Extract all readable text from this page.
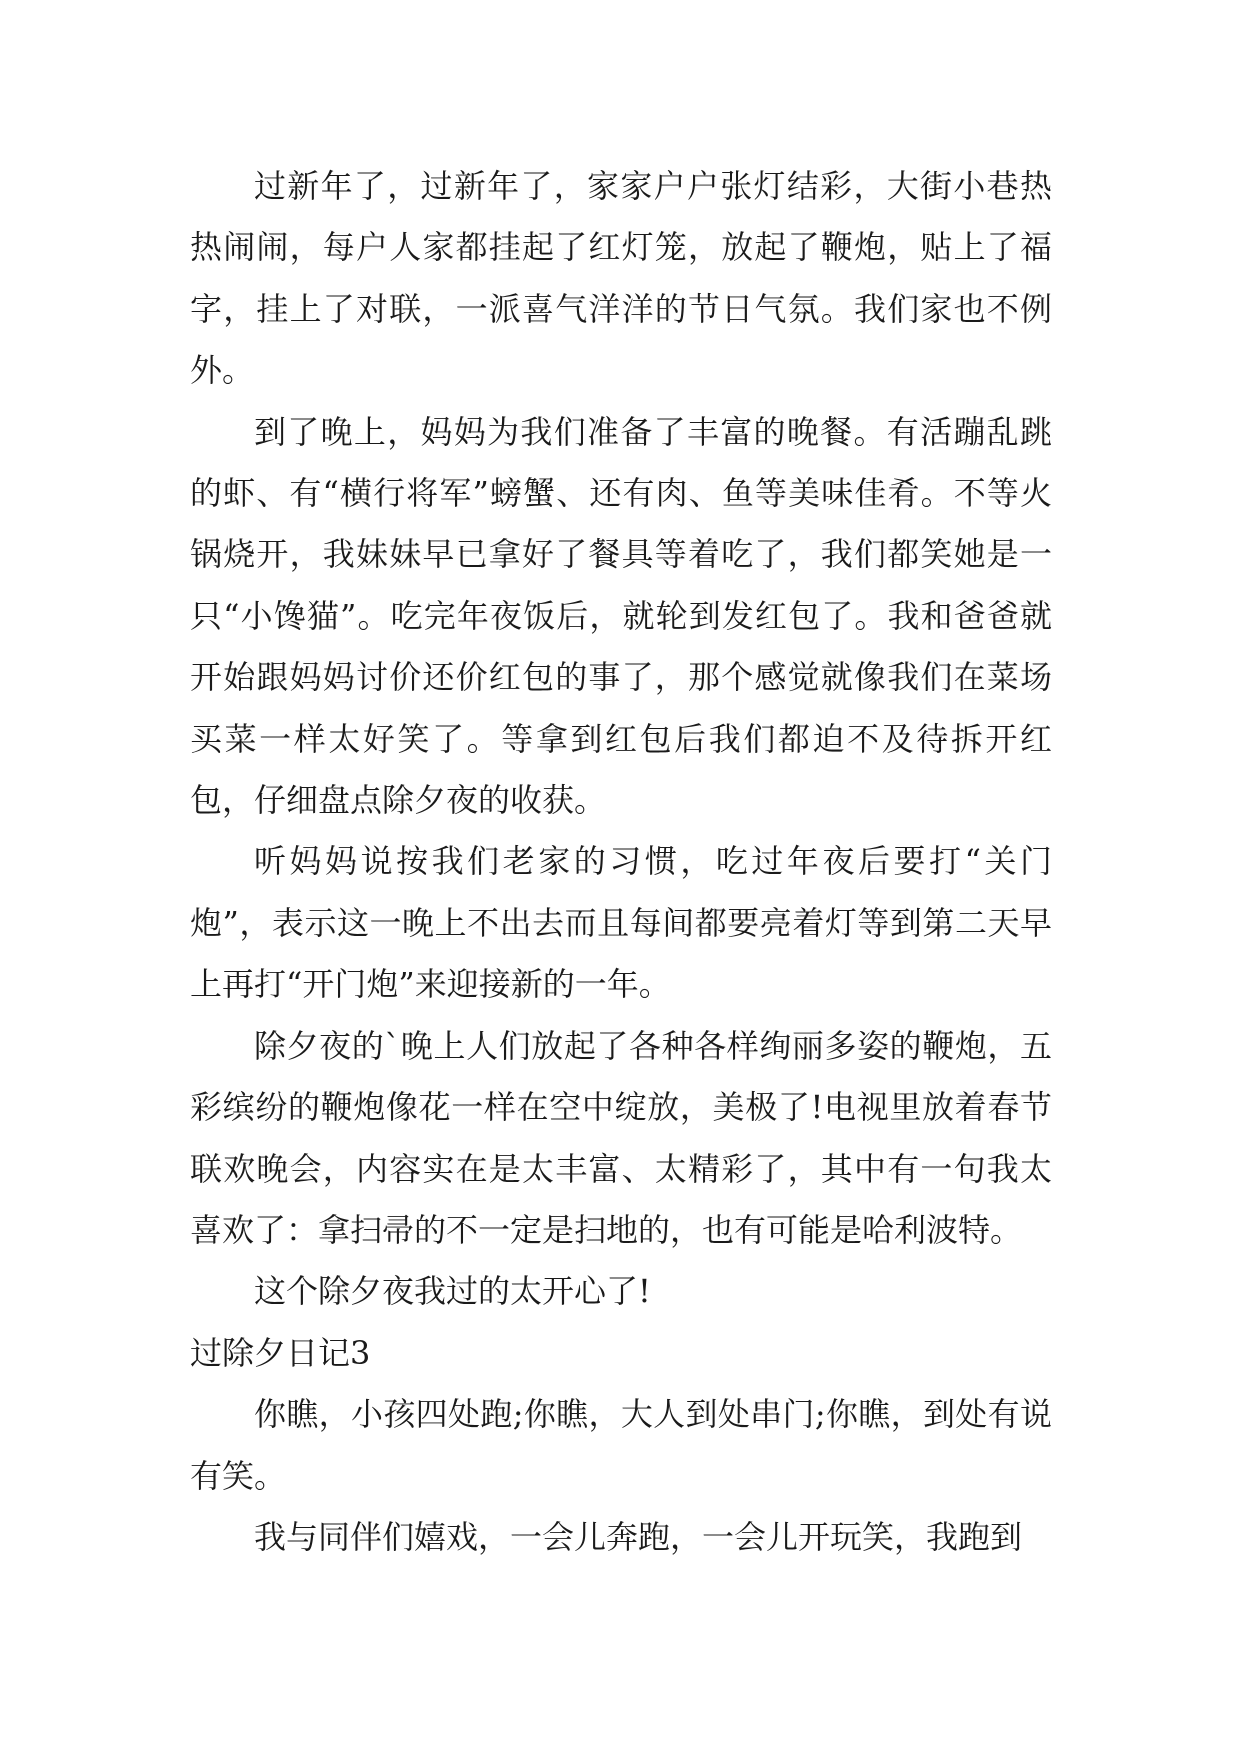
过新年了，过新年了，家家户户张灯结彩，大街小巷热热闹闹，每户人家都挂起了红灯笼，放起了鞭炮，贴上了福字，挂上了对联，一派喜气洋洋的节日气氛。我们家也不例外。

到了晚上，妈妈为我们准备了丰富的晚餐。有活蹦乱跳的虾、有“横行将军”螃蟹、还有肉、鱼等美味佳肴。不等火锅烧开，我妹妹早已拿好了餐具等着吃了，我们都笑她是一只“小馋猫”。吃完年夜饭后，就轮到发红包了。我和爸爸就开始跟妈妈讨价还价红包的事了，那个感觉就像我们在菜场买菜一样太好笑了。等拿到红包后我们都迫不及待拆开红包，仔细盘点除夕夜的收获。

听妈妈说按我们老家的习惯，吃过年夜后要打“关门炮”，表示这一晚上不出去而且每间都要亮着灯等到第二天早上再打“开门炮”来迎接新的一年。

除夕夜的`晚上人们放起了各种各样绚丽多姿的鞭炮，五彩缤纷的鞭炮像花一样在空中绽放，美极了!电视里放着春节联欢晚会，内容实在是太丰富、太精彩了，其中有一句我太喜欢了：拿扫帚的不一定是扫地的，也有可能是哈利波特。

这个除夕夜我过的太开心了!

过除夕日记3

你瞧，小孩四处跑;你瞧，大人到处串门;你瞧，到处有说有笑。

我与同伴们嬉戏，一会儿奔跑，一会儿开玩笑，我跑到
